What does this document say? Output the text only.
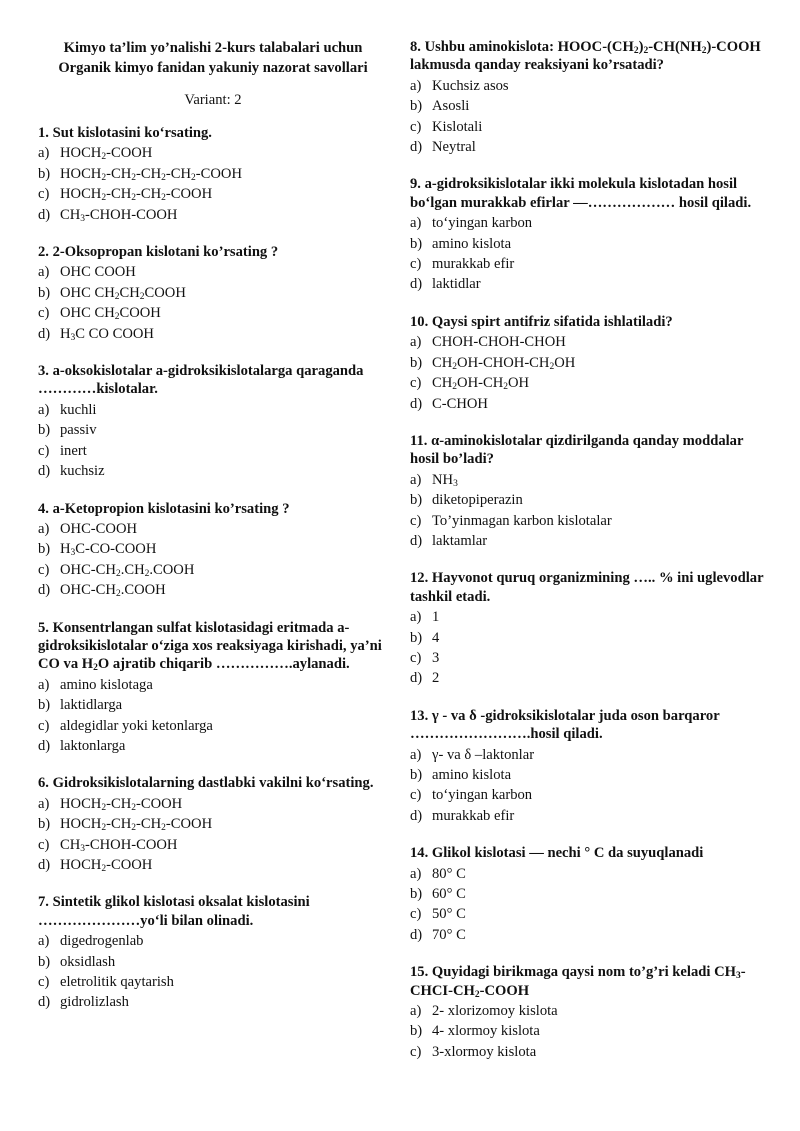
Kimyo ta’lim yo’nalishi 2-kurs talabalari uchun
Organik kimyo fanidan yakuniy nazorat savollari

Variant: 2

1. Sut kislotasini ko‘rsating.

a) $HOCH_2$-COOH
b) $HOCH_2-CH_2-CH_2-CH_2$-COOH
c) $HOCH_2-CH_2-CH_2$-COOH
d) $CH_3-CHOH$-COOH

2. 2-Oksopropan kislotani ko’rsating ?

a) OHC COOH
b) OHC $CH_2CH_2COOH$
c) OHC $CH_2COOH$
d) $H_3C$ CO COOH

3. a-oksokislotalar a-gidroksikislotalarga qaraganda …………kislotalar.

a) kuchli
b) passiv
c) inert
d) kuchsiz

4. a-Ketopropion kislotasini ko’rsating ?

a) OHC-COOH
b) $H_3C-CO$-COOH
c) OHC-$CH_2.CH_2.COOH$
d) OHC-$CH_2.COOH$

5. Konsentrlangan sulfat kislotasidagi eritmada a-gidroksikislotalar o‘ziga xos reaksiyaga kirishadi, ya’ni CO va $H_2O$ ajratib chiqarib …………….aylanadi.

a) amino kislotaga
b) laktidlarga
c) aldegidlar yoki ketonlarga
d) laktonlarga

6. Gidroksikislotalarning dastlabki vakilni ko‘rsating.

a) $HOCH_2-CH_2$-COOH
b) $HOCH_2-CH_2-CH_2$-COOH
c) $CH_3-CHOH$-COOH
d) $HOCH_2$-COOH

7. Sintetik glikol kislotasi oksalat kislotasini …………………yo‘li bilan olinadi.

a) digedrogenlab
b) oksidlash
c) eletrolitik qaytarish
d) gidrolizlash

8. Ushbu aminokislota: HOOC-$(CH_2)_2-CH(NH_2)$-COOH lakmusda qanday reaksiyani ko’rsatadi?

a) Kuchsiz asos
b) Asosli
c) Kislotali
d) Neytral

9. a-gidroksikislotalar ikki molekula kislotadan hosil bo‘lgan murakkab efirlar —……………… hosil qiladi.

a) to‘yingan karbon
b) amino kislota
c) murakkab efir
d) laktidlar

10. Qaysi spirt antifriz sifatida ishlatiladi?

a) CHOH-CHOH-CHOH
b) $CH_2OH-CHOH-CH_2OH$
c) $CH_2OH-CH_2OH$
d) C-CHOH

11. α-aminokislotalar qizdirilganda qanday moddalar hosil bo’ladi?

a) $NH_3$
b) diketopiperazin
c) To’yinmagan karbon kislotalar
d) laktamlar

12. Hayvonot quruq organizmining ….. % ini uglevodlar tashkil etadi.

a) 1
b) 4
c) 3
d) 2

13. γ - va δ -gidroksikislotalar juda oson barqaror …………………….hosil qiladi.

a) γ- va δ –laktonlar
b) amino kislota
c) to‘yingan karbon
d) murakkab efir

14. Glikol kislotasi — nechi ° C da suyuqlanadi

a) 80° C
b) 60° C
c) 50° C
d) 70° C

15. Quyidagi birikmaga qaysi nom to’g’ri keladi $CH_3-CHCI-CH_2$-COOH

a) 2- xlorizomoy kislota
b) 4- xlormoy kislota
c) 3-xlormoy kislota
